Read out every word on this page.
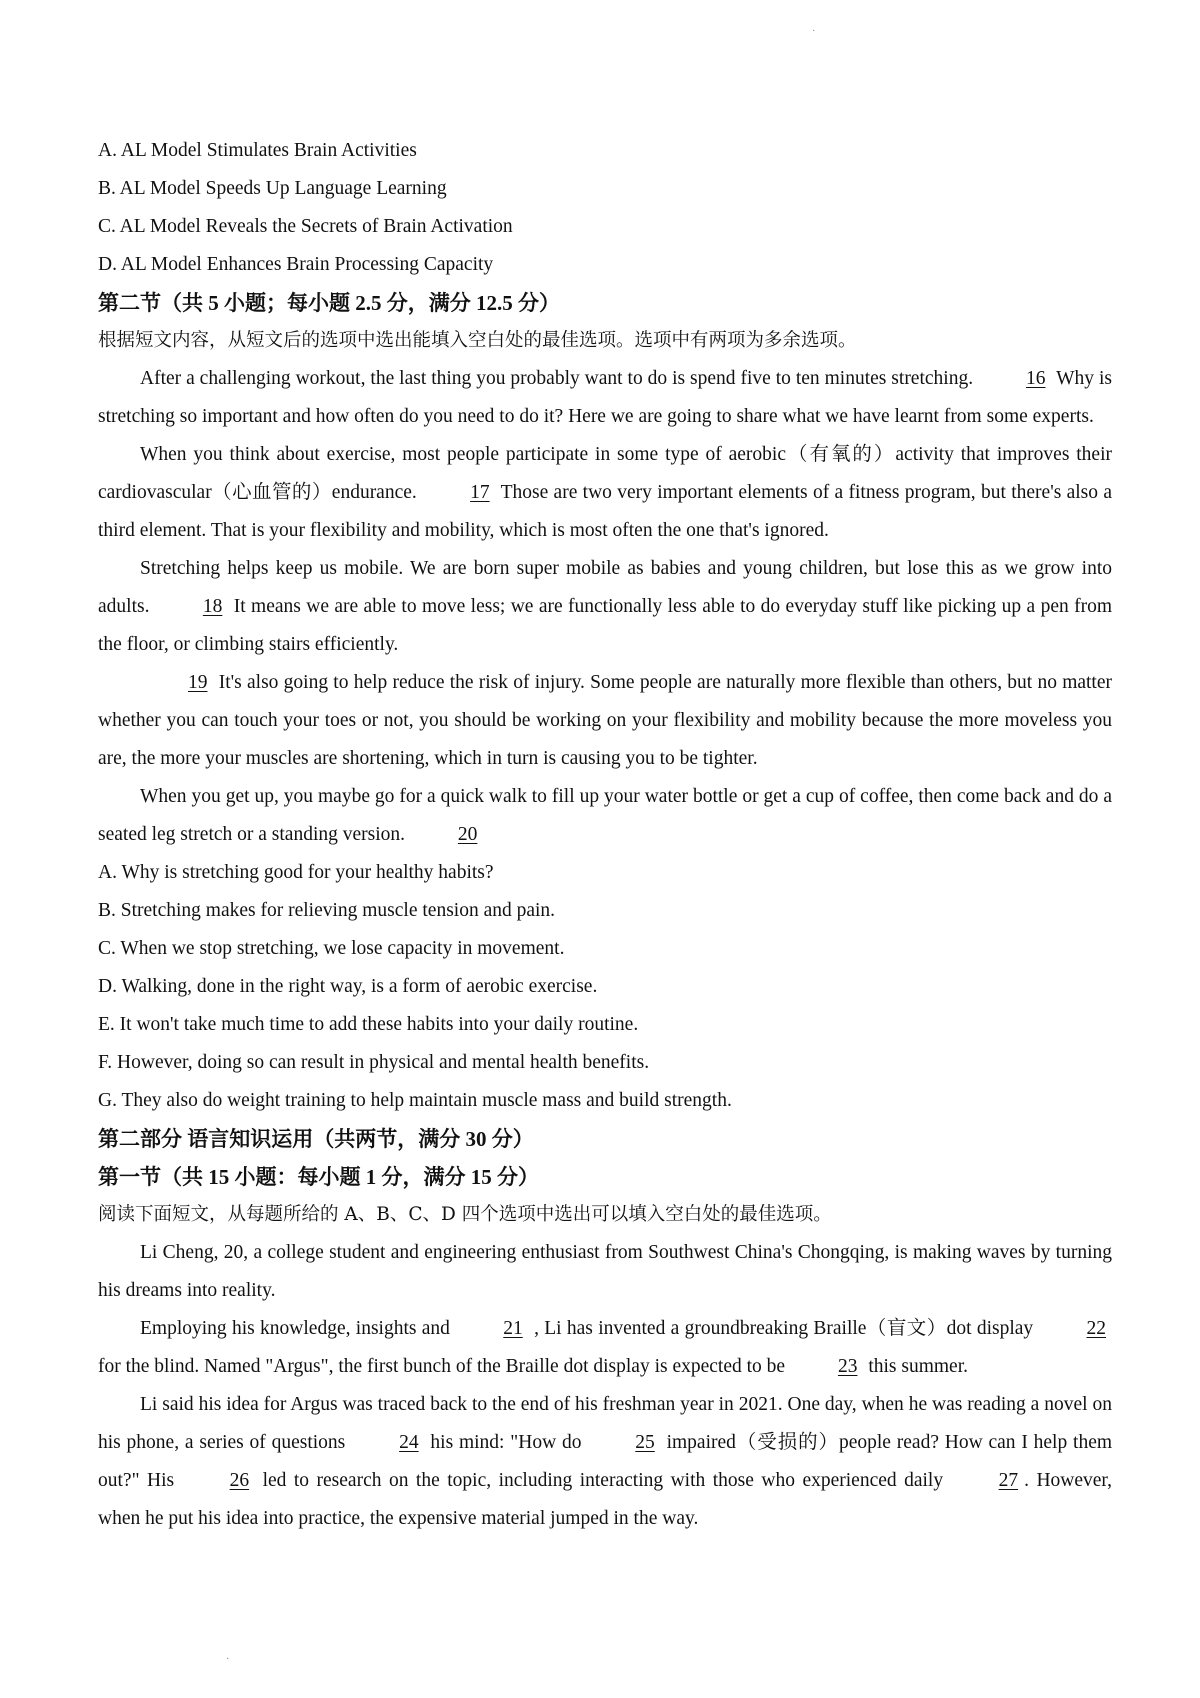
·
·
A. AL Model Stimulates Brain Activities
B. AL Model Speeds Up Language Learning
C. AL Model Reveals the Secrets of Brain Activation
D. AL Model Enhances Brain Processing Capacity
第二节（共 5 小题；每小题 2.5 分，满分 12.5 分）
根据短文内容，从短文后的选项中选出能填入空白处的最佳选项。选项中有两项为多余选项。
After a challenging workout, the last thing you probably want to do is spend five to ten minutes stretching.	16 Why is stretching so important and how often do you need to do it? Here we are going to share what we have learnt from some experts.
When you think about exercise, most people participate in some type of aerobic（有氧的）activity that improves their cardiovascular（心血管的）endurance.	17 Those are two very important elements of a fitness program, but there's also a third element. That is your flexibility and mobility, which is most often the one that's ignored.
Stretching helps keep us mobile. We are born super mobile as babies and young children, but lose this as we grow into adults.	18 It means we are able to move less; we are functionally less able to do everyday stuff like picking up a pen from the floor, or climbing stairs efficiently.
19 It's also going to help reduce the risk of injury. Some people are naturally more flexible than others, but no matter whether you can touch your toes or not, you should be working on your flexibility and mobility because the more moveless you are, the more your muscles are shortening, which in turn is causing you to be tighter.
When you get up, you maybe go for a quick walk to fill up your water bottle or get a cup of coffee, then come back and do a seated leg stretch or a standing version.	20
A. Why is stretching good for your healthy habits?
B. Stretching makes for relieving muscle tension and pain.
C. When we stop stretching, we lose capacity in movement.
D. Walking, done in the right way, is a form of aerobic exercise.
E. It won't take much time to add these habits into your daily routine.
F. However, doing so can result in physical and mental health benefits.
G. They also do weight training to help maintain muscle mass and build strength.
第二部分 语言知识运用（共两节，满分 30 分）
第一节（共 15 小题：每小题 1 分，满分 15 分）
阅读下面短文，从每题所给的 A、B、C、D 四个选项中选出可以填入空白处的最佳选项。
Li Cheng, 20, a college student and engineering enthusiast from Southwest China's Chongqing, is making waves by turning his dreams into reality.
Employing his knowledge, insights and	21 , Li has invented a groundbreaking Braille（盲文）dot display	22 for the blind. Named "Argus", the first bunch of the Braille dot display is expected to be	23 this summer.
Li said his idea for Argus was traced back to the end of his freshman year in 2021. One day, when he was reading a novel on his phone, a series of questions	24 his mind: "How do	25 impaired（受损的）people read? How can I help them out?" His	26 led to research on the topic, including interacting with those who experienced daily	27 . However, when he put his idea into practice, the expensive material jumped in the way.
